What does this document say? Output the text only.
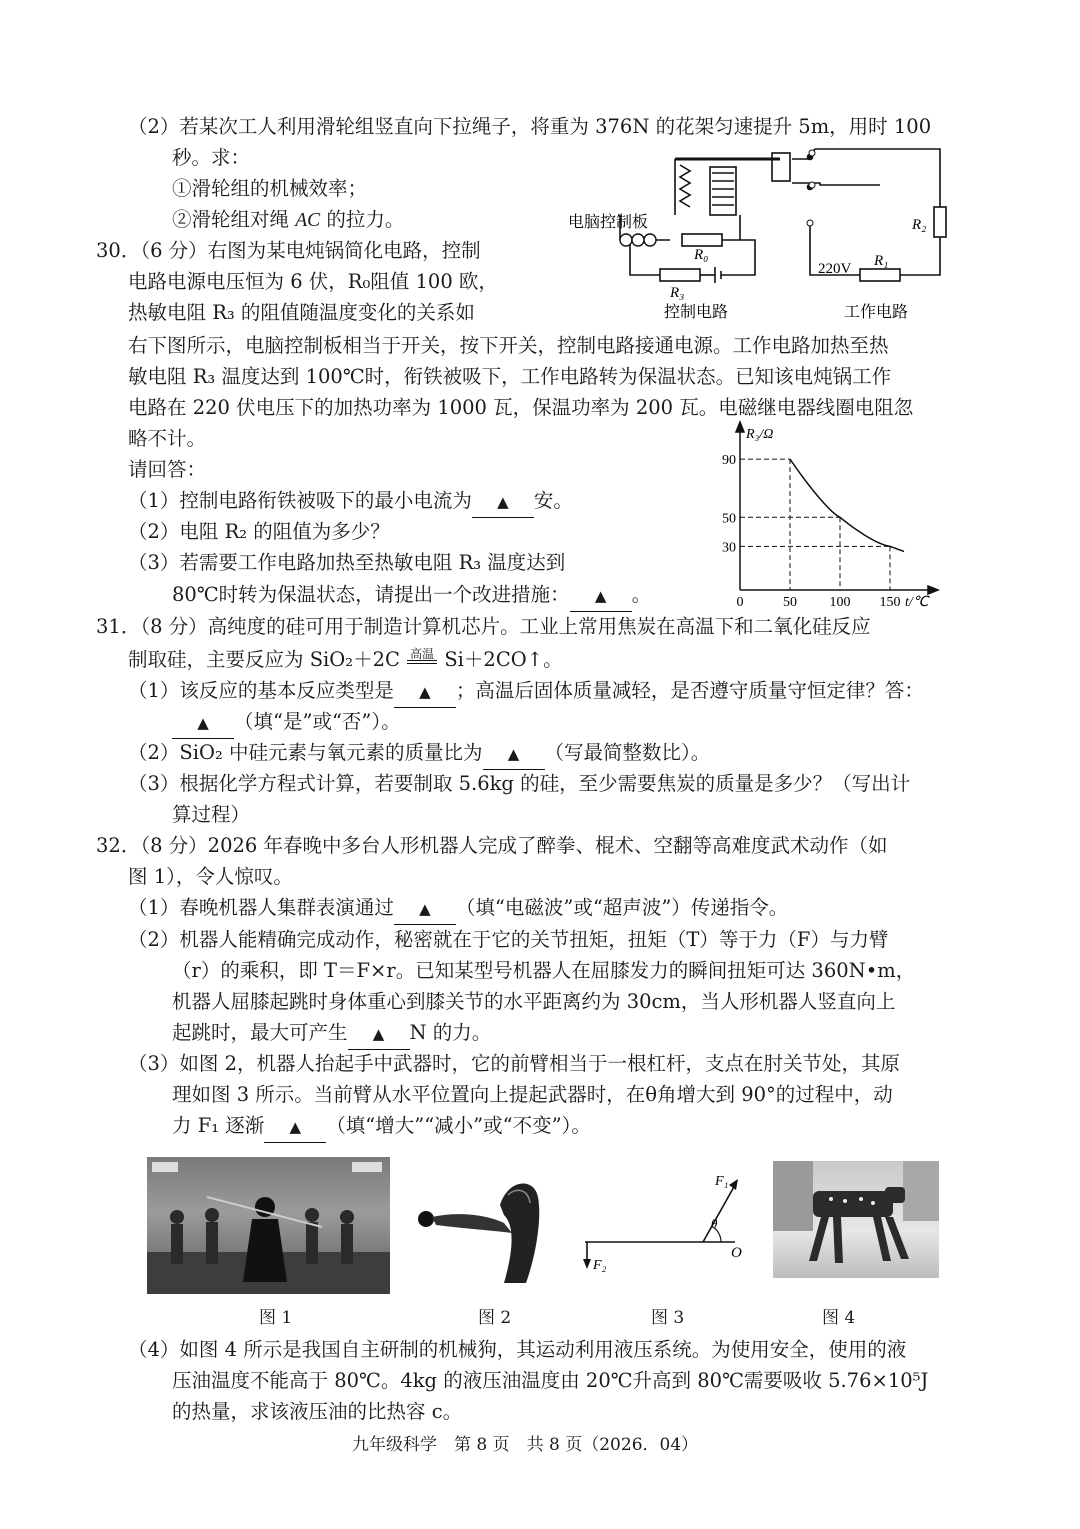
（2）若某次工人利用滑轮组竖直向下拉绳子，将重为 376N 的花架匀速提升 5m，用时 100
秒。求：
①滑轮组的机械效率；
②滑轮组对绳 AC 的拉力。
30．（6 分）右图为某电炖锅简化电路，控制
电路电源电压恒为 6 伏，R₀阻值 100 欧，
热敏电阻 R₃ 的阻值随温度变化的关系如
右下图所示，电脑控制板相当于开关，按下开关，控制电路接通电源。工作电路加热至热
敏电阻 R₃ 温度达到 100℃时，衔铁被吸下，工作电路转为保温状态。已知该电炖锅工作
电路在 220 伏电压下的加热功率为 1000 瓦，保温功率为 200 瓦。电磁继电器线圈电阻忽
略不计。
请回答：
（1）控制电路衔铁被吸下的最小电流为 ▲ 安。
（2）电阻 R₂ 的阻值为多少？
（3）若需要工作电路加热至热敏电阻 R₃ 温度达到
80℃时转为保温状态，请提出一个改进措施： ▲ 。
电脑控制板
R₀
R₃
R₂
R₁
220V
控制电路	工作电路
R₃/Ω
t/℃
0	50 100 150
30
50
90
31．（8 分）高纯度的硅可用于制造计算机芯片。工业上常用焦炭在高温下和二氧化硅反应
制取硅，主要反应为 SiO₂＋2C 高温 Si＋2CO↑。
（1）该反应的基本反应类型是 ▲ ；高温后固体质量减轻，是否遵守质量守恒定律？答：
▲ （填“是”或“否”）。
（2）SiO₂ 中硅元素与氧元素的质量比为 ▲ （写最简整数比）。
（3）根据化学方程式计算，若要制取 5.6kg 的硅，至少需要焦炭的质量是多少？（写出计
算过程）
32．（8 分）2026 年春晚中多台人形机器人完成了醉拳、棍术、空翻等高难度武术动作（如
图 1），令人惊叹。
（1）春晚机器人集群表演通过 ▲ （填“电磁波”或“超声波”）传递指令。
（2）机器人能精确完成动作，秘密就在于它的关节扭矩，扭矩（T）等于力（F）与力臂
（r）的乘积，即 T＝F×r。已知某型号机器人在屈膝发力的瞬间扭矩可达 360N•m，
机器人屈膝起跳时身体重心到膝关节的水平距离约为 30cm，当人形机器人竖直向上
起跳时，最大可产生 ▲ N 的力。
（3）如图 2，机器人抬起手中武器时，它的前臂相当于一根杠杆，支点在肘关节处，其原
理如图 3 所示。当前臂从水平位置向上提起武器时，在θ角增大到 90°的过程中，动
力 F₁ 逐渐 ▲ （填“增大”“减小”或“不变”）。
F₁
F₂
O
θ
图 1	图 2	图 3	图 4
（4）如图 4 所示是我国自主研制的机械狗，其运动利用液压系统。为使用安全，使用的液
压油温度不能高于 80℃。4kg 的液压油温度由 20℃升高到 80℃需要吸收 5.76×10⁵J
的热量，求该液压油的比热容 c。
九年级科学　第 8 页　共 8 页（2026．04）
